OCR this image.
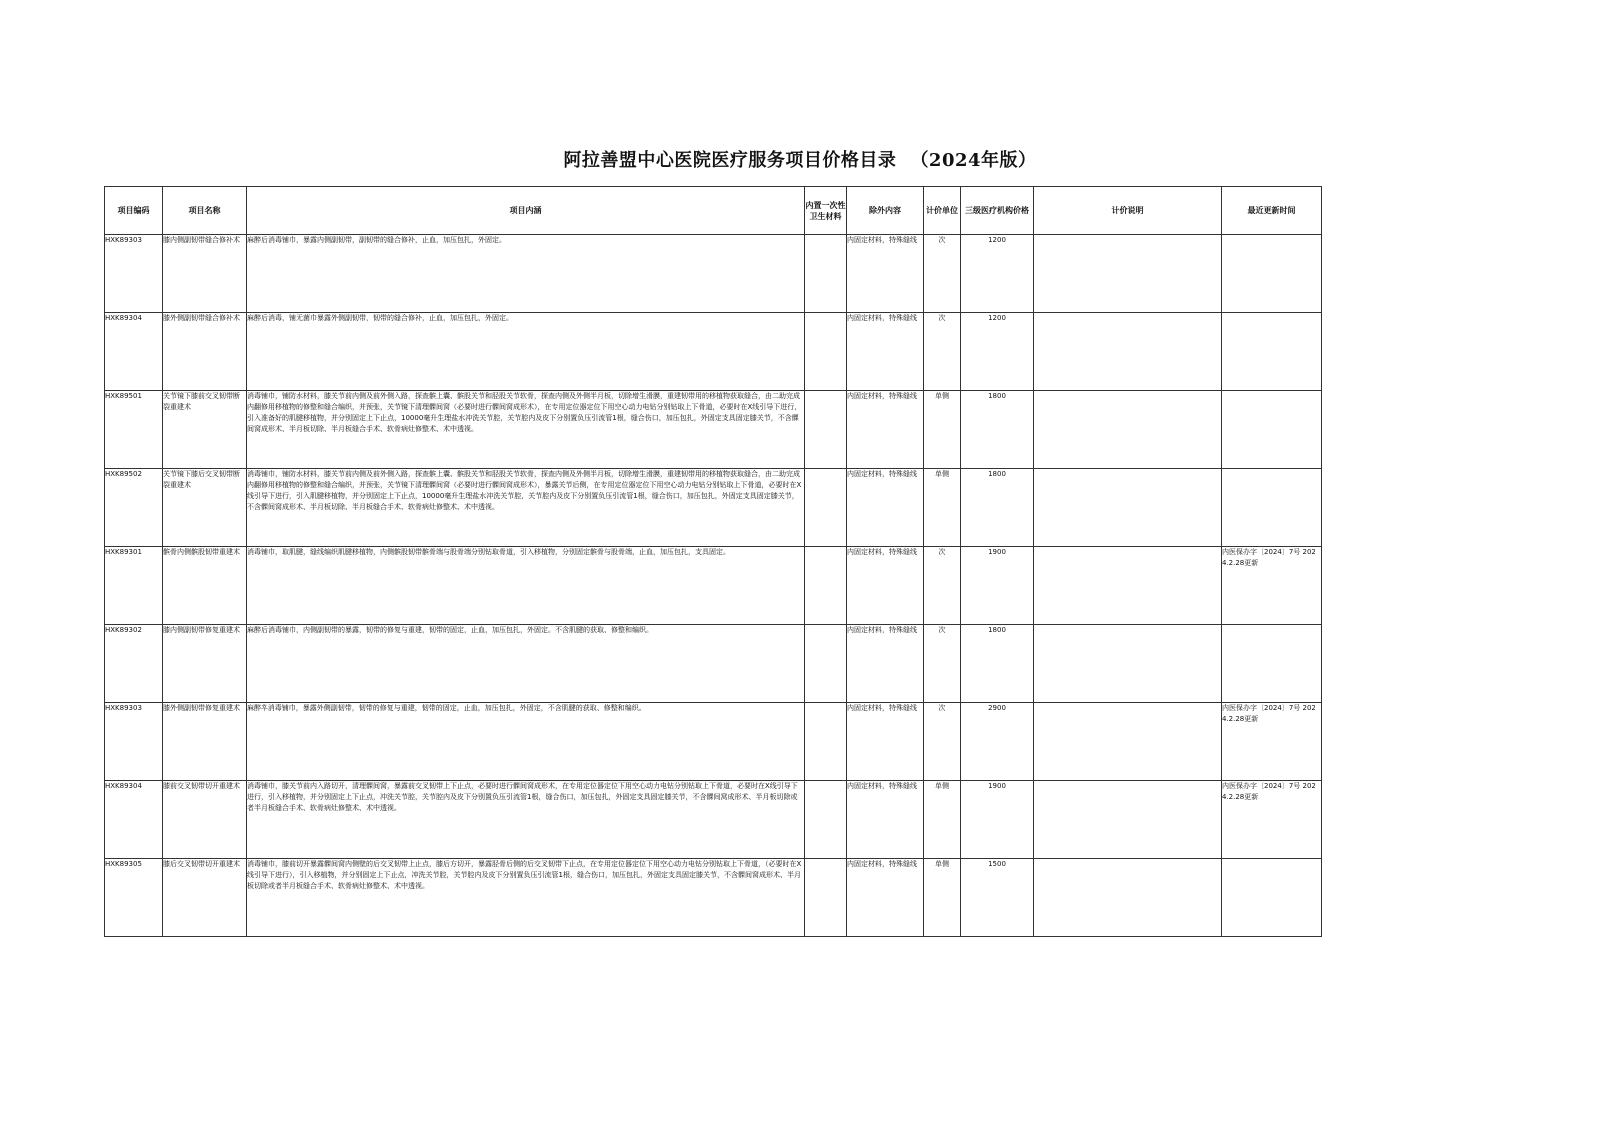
阿拉善盟中心医院医疗服务项目价格目录 （2024年版）
项目编码	项目名称	项目内涵	内置一次性卫生材料	除外内容	计价单位	三级医疗机构价格	计价说明	最近更新时间
HXK89303	膝内侧副韧带缝合修补术	麻醉后消毒铺巾，暴露内侧副韧带，副韧带的缝合修补，止血，加压包扎，外固定。		内固定材料，特殊缝线	次	1200		
HXK89304	膝外侧副韧带缝合修补术	麻醉后消毒，铺无菌巾暴露外侧副韧带，韧带的缝合修补，止血，加压包扎，外固定。		内固定材料，特殊缝线	次	1200		
HXK89501	关节镜下膝前交叉韧带断裂重建术	消毒铺巾，铺防水材料，膝关节前内侧及前外侧入路，探查髌上囊、髌股关节和胫股关节软骨，探查内侧及外侧半月板，切除增生滑膜，重建韧带用的移植物获取缝合，由二助完成内翻修用移植物的修整和缝合编织，并预张，关节镜下清理髁间窝（必要时进行髁间窝成形术），在专用定位器定位下用空心动力电钻分别钻取上下骨道，必要时在X线引导下进行，引入准备好的肌腱移植物，并分别固定上下止点，10000毫升生理盐水冲洗关节腔，关节腔内及皮下分别置负压引流管1根，缝合伤口，加压包扎，外固定支具固定膝关节，不含髁间窝成形术、半月板切除、半月板缝合手术、软骨病灶修整术、术中透视。		内固定材料，特殊缝线	单侧	1800		
HXK89502	关节镜下膝后交叉韧带断裂重建术	消毒铺巾，铺防水材料，膝关节前内侧及前外侧入路，探查髌上囊、髌股关节和胫股关节软骨，探查内侧及外侧半月板，切除增生滑膜，重建韧带用的移植物获取缝合，由二助完成内翻修用移植物的修整和缝合编织，并预张，关节镜下清理髁间窝（必要时进行髁间窝成形术），暴露关节后侧，在专用定位器定位下用空心动力电钻分别钻取上下骨道，必要时在X线引导下进行，引入肌腱移植物，并分别固定上下止点，10000毫升生理盐水冲洗关节腔，关节腔内及皮下分别置负压引流管1根，缝合伤口，加压包扎，外固定支具固定膝关节，不含髁间窝成形术、半月板切除、半月板缝合手术、软骨病灶修整术、术中透视。		内固定材料，特殊缝线	单侧	1800		
HXK89301	髌骨内侧髌股韧带重建术	消毒铺巾，取肌腱，缝线编织肌腱移植物，内侧髌股韧带髌骨端与股骨端分别钻取骨道，引入移植物，分别固定髌骨与股骨端，止血，加压包扎，支具固定。		内固定材料，特殊缝线	次	1900		内医保办字〔2024〕7号 2024.2.28更新
HXK89302	膝内侧副韧带修复重建术	麻醉后消毒铺巾，内侧副韧带的暴露，韧带的修复与重建，韧带的固定，止血，加压包扎，外固定。不含肌腱的获取、修整和编织。		内固定材料，特殊缝线	次	1800		
HXK89303	膝外侧副韧带修复重建术	麻醉후消毒铺巾，暴露外侧副韧带，韧带的修复与重建，韧带的固定，止血，加压包扎，外固定，不含肌腱的获取、修整和编织。		内固定材料，特殊缝线	次	2900		内医保办字〔2024〕7号 2024.2.28更新
HXK89304	膝前交叉韧带切开重建术	消毒铺巾，膝关节前内入路切开，清理髁间窝，暴露前交叉韧带上下止点，必要时进行髁间窝成形术，在专用定位器定位下用空心动力电钻分别钻取上下骨道，必要时在X线引导下进行，引入移植物，并分别固定上下止点，冲洗关节腔，关节腔内及皮下分别置负压引流管1根，缝合伤口，加压包扎，外固定支具固定膝关节，不含髁间窝成形术、半月板切除或者半月板缝合手术、软骨病灶修整术、术中透视。		内固定材料，特殊缝线	单侧	1900		内医保办字〔2024〕7号 2024.2.28更新
HXK89305	膝后交叉韧带切开重建术	消毒铺巾，膝前切开暴露髁间窝内侧壁的后交叉韧带上止点，膝后方切开，暴露胫骨后侧的后交叉韧带下止点，在专用定位器定位下用空心动力电钻分别钻取上下骨道，（必要时在X线引导下进行），引入移植物，并分别固定上下止点，冲洗关节腔，关节腔内及皮下分别置负压引流管1根，缝合伤口，加压包扎，外固定支具固定膝关节，不含髁间窝成形术、半月板切除或者半月板缝合手术、软骨病灶修整术、术中透视。		内固定材料，特殊缝线	单侧	1500		
